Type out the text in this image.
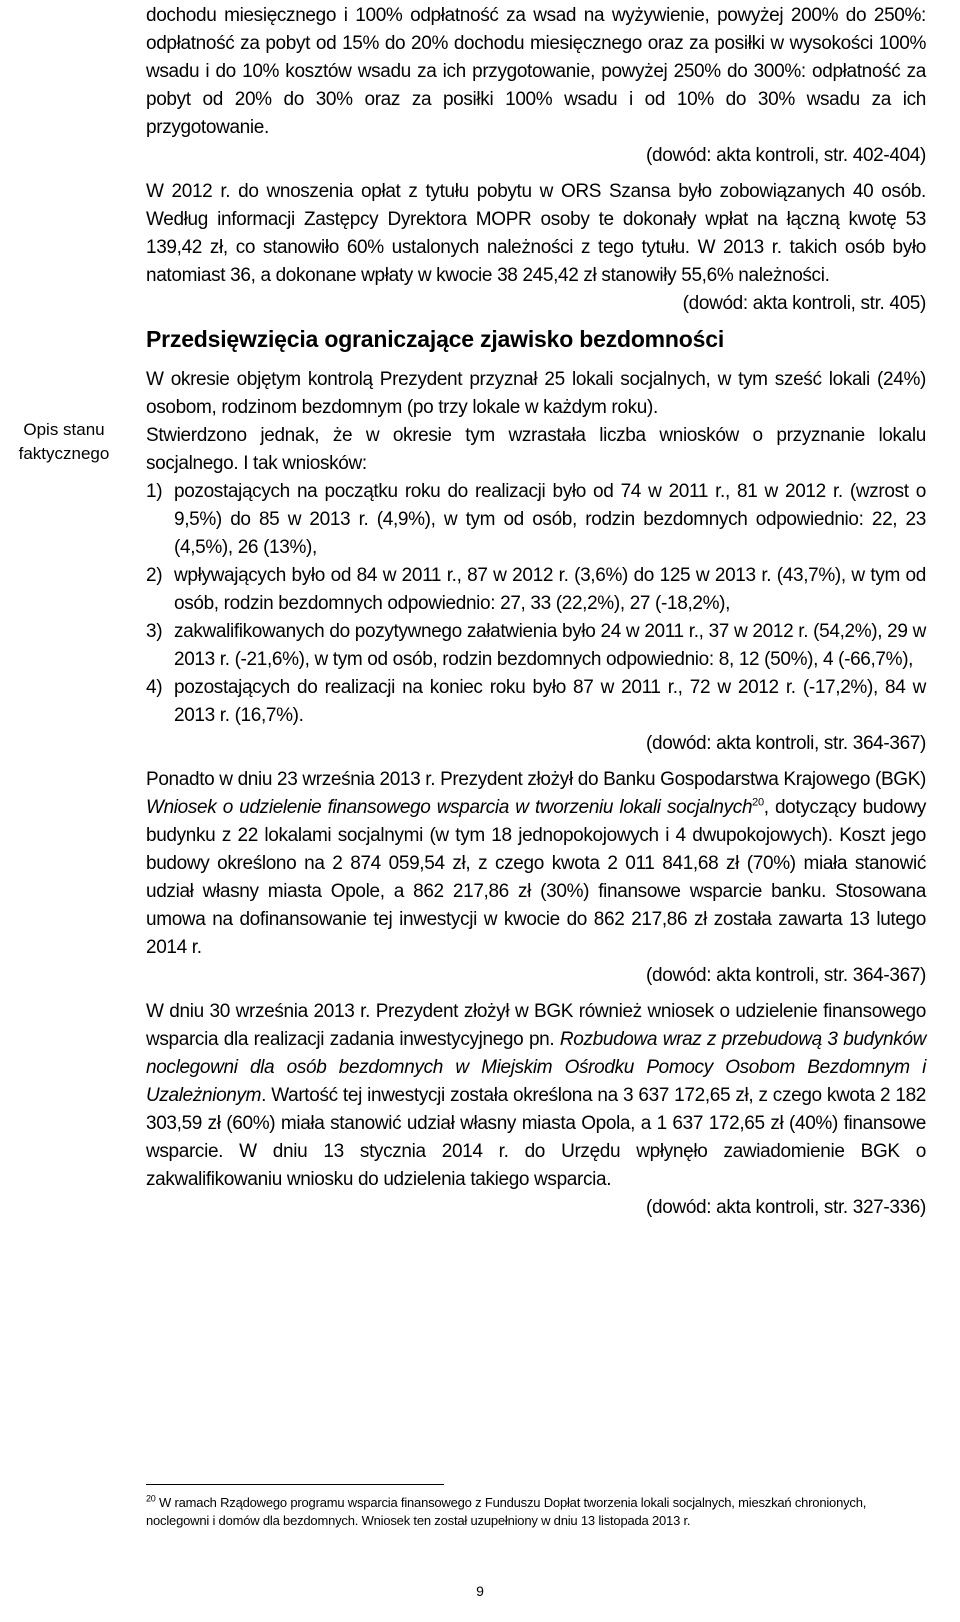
Opis stanu
faktycznego

dochodu miesięcznego i 100% odpłatność za wsad na wyżywienie, powyżej 200% do 250%: odpłatność za pobyt od 15% do 20% dochodu miesięcznego oraz za posiłki w wysokości 100% wsadu i do 10% kosztów wsadu za ich przygotowanie, powyżej 250% do 300%: odpłatność za pobyt od 20% do 30% oraz za posiłki 100% wsadu i od 10% do 30% wsadu za ich przygotowanie.

(dowód: akta kontroli, str. 402-404)

W 2012 r. do wnoszenia opłat z tytułu pobytu w ORS Szansa było zobowiązanych 40 osób. Według informacji Zastępcy Dyrektora MOPR osoby te dokonały wpłat na łączną kwotę 53 139,42 zł, co stanowiło 60% ustalonych należności z tego tytułu. W 2013 r. takich osób było natomiast 36, a dokonane wpłaty w kwocie 38 245,42 zł stanowiły 55,6% należności.

(dowód: akta kontroli, str. 405)

Przedsięwzięcia ograniczające zjawisko bezdomności

W okresie objętym kontrolą Prezydent przyznał 25 lokali socjalnych, w tym sześć lokali (24%) osobom, rodzinom bezdomnym (po trzy lokale w każdym roku).

Stwierdzono jednak, że w okresie tym wzrastała liczba wniosków o przyznanie lokalu socjalnego. I tak wniosków:

1) pozostających na początku roku do realizacji było od 74 w 2011 r., 81 w 2012 r. (wzrost o 9,5%) do 85 w 2013 r. (4,9%), w tym od osób, rodzin bezdomnych odpowiednio: 22, 23 (4,5%), 26 (13%),
2) wpływających było od 84 w 2011 r., 87 w 2012 r. (3,6%) do 125 w 2013 r. (43,7%), w tym od osób, rodzin bezdomnych odpowiednio: 27, 33 (22,2%), 27 (-18,2%),
3) zakwalifikowanych do pozytywnego załatwienia było 24 w 2011 r., 37 w 2012 r. (54,2%), 29 w 2013 r. (-21,6%), w tym od osób, rodzin bezdomnych odpowiednio: 8, 12 (50%), 4 (-66,7%),
4) pozostających do realizacji na koniec roku było 87 w 2011 r., 72 w 2012 r. (-17,2%), 84 w 2013 r. (16,7%).

(dowód: akta kontroli, str. 364-367)

Ponadto w dniu 23 września 2013 r. Prezydent złożył do Banku Gospodarstwa Krajowego (BGK) Wniosek o udzielenie finansowego wsparcia w tworzeniu lokali socjalnych$^{20}$, dotyczący budowy budynku z 22 lokalami socjalnymi (w tym 18 jednopokojowych i 4 dwupokojowych). Koszt jego budowy określono na 2 874 059,54 zł, z czego kwota 2 011 841,68 zł (70%) miała stanowić udział własny miasta Opole, a 862 217,86 zł (30%) finansowe wsparcie banku. Stosowana umowa na dofinansowanie tej inwestycji w kwocie do 862 217,86 zł została zawarta 13 lutego 2014 r.

(dowód: akta kontroli, str. 364-367)

W dniu 30 września 2013 r. Prezydent złożył w BGK również wniosek o udzielenie finansowego wsparcia dla realizacji zadania inwestycyjnego pn. Rozbudowa wraz z przebudową 3 budynków noclegowni dla osób bezdomnych w Miejskim Ośrodku Pomocy Osobom Bezdomnym i Uzależnionym. Wartość tej inwestycji została określona na 3 637 172,65 zł, z czego kwota 2 182 303,59 zł (60%) miała stanowić udział własny miasta Opola, a 1 637 172,65 zł (40%) finansowe wsparcie. W dniu 13 stycznia 2014 r. do Urzędu wpłynęło zawiadomienie BGK o zakwalifikowaniu wniosku do udzielenia takiego wsparcia.

(dowód: akta kontroli, str. 327-336)

$^{20}$ W ramach Rządowego programu wsparcia finansowego z Funduszu Dopłat tworzenia lokali socjalnych, mieszkań chronionych, noclegowni i domów dla bezdomnych. Wniosek ten został uzupełniony w dniu 13 listopada 2013 r.
9
